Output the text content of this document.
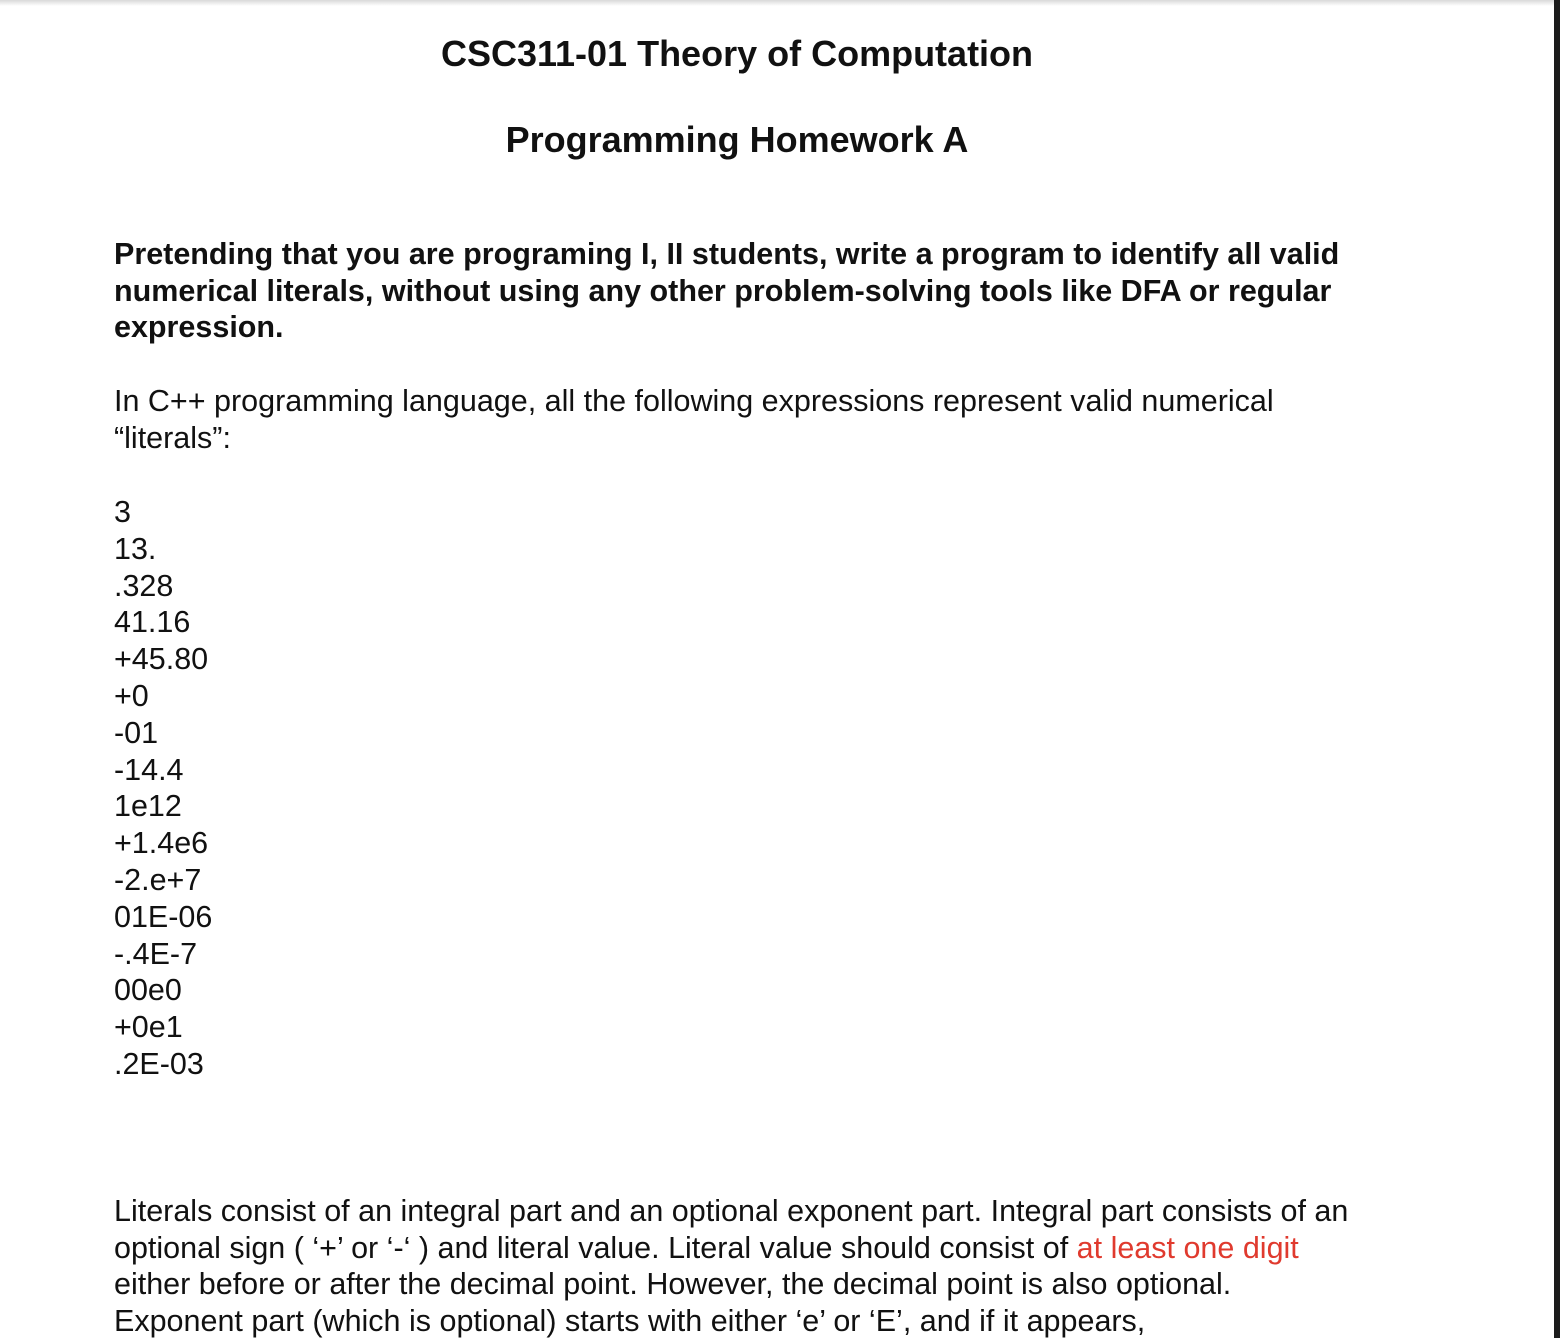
CSC311-01 Theory of Computation
Programming Homework A

Pretending that you are programing I, II students, write a program to identify all valid numerical literals, without using any other problem-solving tools like DFA or regular expression.

In C++ programming language, all the following expressions represent valid numerical “literals”:

3
13.
.328
41.16
+45.80
+0
-01
-14.4
1e12
+1.4e6
-2.e+7
01E-06
-.4E-7
00e0
+0e1
.2E-03

Literals consist of an integral part and an optional exponent part. Integral part consists of an optional sign ( ‘+’ or ‘-‘ ) and literal value. Literal value should consist of at least one digit either before or after the decimal point. However, the decimal point is also optional. Exponent part (which is optional) starts with either ‘e’ or ‘E’, and if it appears,
